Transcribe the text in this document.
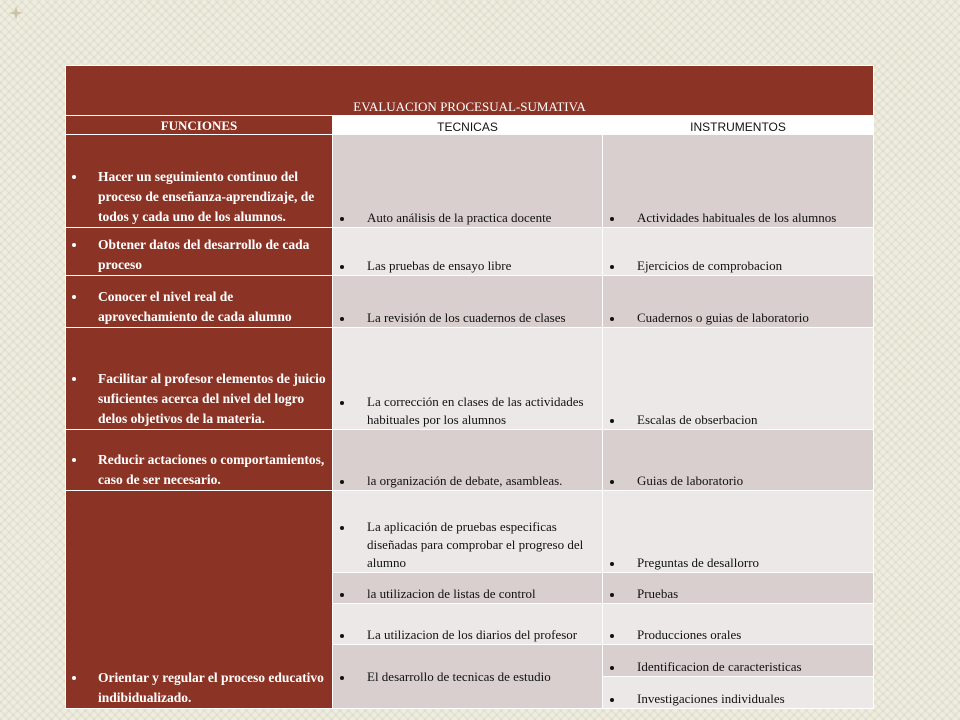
EVALUACION PROCESUAL-SUMATIVA		
FUNCIONES	TECNICAS	INSTRUMENTOS

Hacer un seguimiento continuo del proceso de enseñanza-aprendizaje, de todos y cada uno de los alumnos.	Auto análisis de la practica docente	Actividades habituales de los alumnos

Obtener datos del desarrollo de cada proceso	Las pruebas de ensayo libre	Ejercicios de comprobacion

Conocer el nivel real de aprovechamiento de cada alumno	La revisión de los cuadernos de clases	Cuadernos o guias de laboratorio

Facilitar al profesor elementos de juicio suficientes acerca del nivel del logro delos objetivos de la materia.	La corrección en clases de las actividades habituales por los alumnos	Escalas de obserbacion

Reducir actaciones o comportamientos, caso de ser necesario.	la organización de debate, asambleas.	Guias de laboratorio

Orientar y regular el proceso educativo indibidualizado.	La aplicación de pruebas especificas diseñadas para comprobar el progreso del alumno	Preguntas de desallorro

	la utilizacion de listas de control	Pruebas

	La utilizacion de los diarios del profesor	Producciones orales

	El desarrollo de tecnicas de estudio	Identificacion de caracteristicas

		Investigaciones individuales
